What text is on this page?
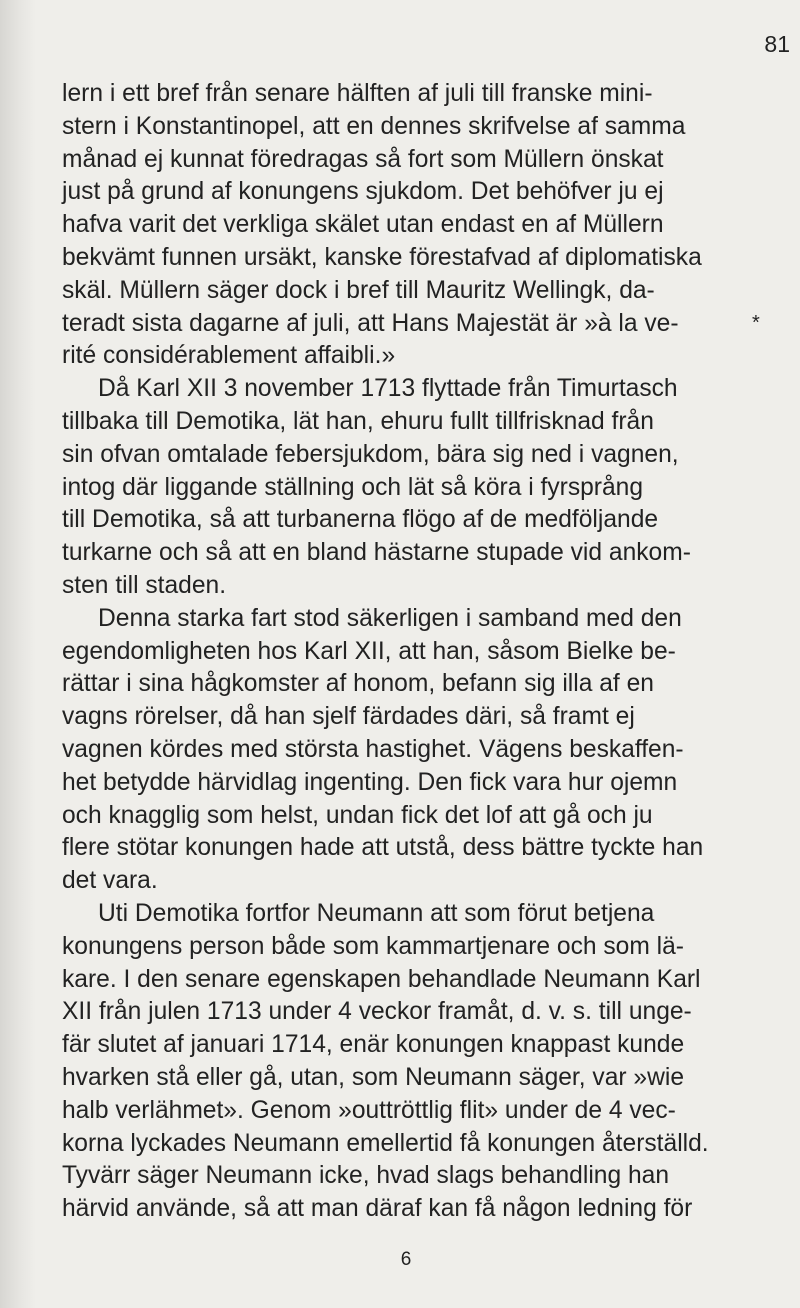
81
lern i ett bref från senare hälften af juli till franske mini-
stern i Konstantinopel, att en dennes skrifvelse af samma
månad ej kunnat föredragas så fort som Müllern önskat
just på grund af konungens sjukdom. Det behöfver ju ej
hafva varit det verkliga skälet utan endast en af Müllern
bekvämt funnen ursäkt, kanske förestafvad af diplomatiska
skäl. Müllern säger dock i bref till Mauritz Wellingk, da-
teradt sista dagarne af juli, att Hans Majestät är »à la ve-
rité considérablement affaibli.»
Då Karl XII 3 november 1713 flyttade från Timurtasch
tillbaka till Demotika, lät han, ehuru fullt tillfrisknad från
sin ofvan omtalade febersjukdom, bära sig ned i vagnen,
intog där liggande ställning och lät så köra i fyrsprång
till Demotika, så att turbanerna flögo af de medföljande
turkarne och så att en bland hästarne stupade vid ankom-
sten till staden.
Denna starka fart stod säkerligen i samband med den
egendomligheten hos Karl XII, att han, såsom Bielke be-
rättar i sina hågkomster af honom, befann sig illa af en
vagns rörelser, då han sjelf färdades däri, så framt ej
vagnen kördes med största hastighet. Vägens beskaffen-
het betydde härvidlag ingenting. Den fick vara hur ojemn
och knagglig som helst, undan fick det lof att gå och ju
flere stötar konungen hade att utstå, dess bättre tyckte han
det vara.
Uti Demotika fortfor Neumann att som förut betjena
konungens person både som kammartjenare och som lä-
kare. I den senare egenskapen behandlade Neumann Karl
XII från julen 1713 under 4 veckor framåt, d. v. s. till unge-
fär slutet af januari 1714, enär konungen knappast kunde
hvarken stå eller gå, utan, som Neumann säger, var »wie
halb verlähmet». Genom »outtröttlig flit» under de 4 vec-
korna lyckades Neumann emellertid få konungen återställd.
Tyvärr säger Neumann icke, hvad slags behandling han
härvid använde, så att man däraf kan få någon ledning för
*
6
